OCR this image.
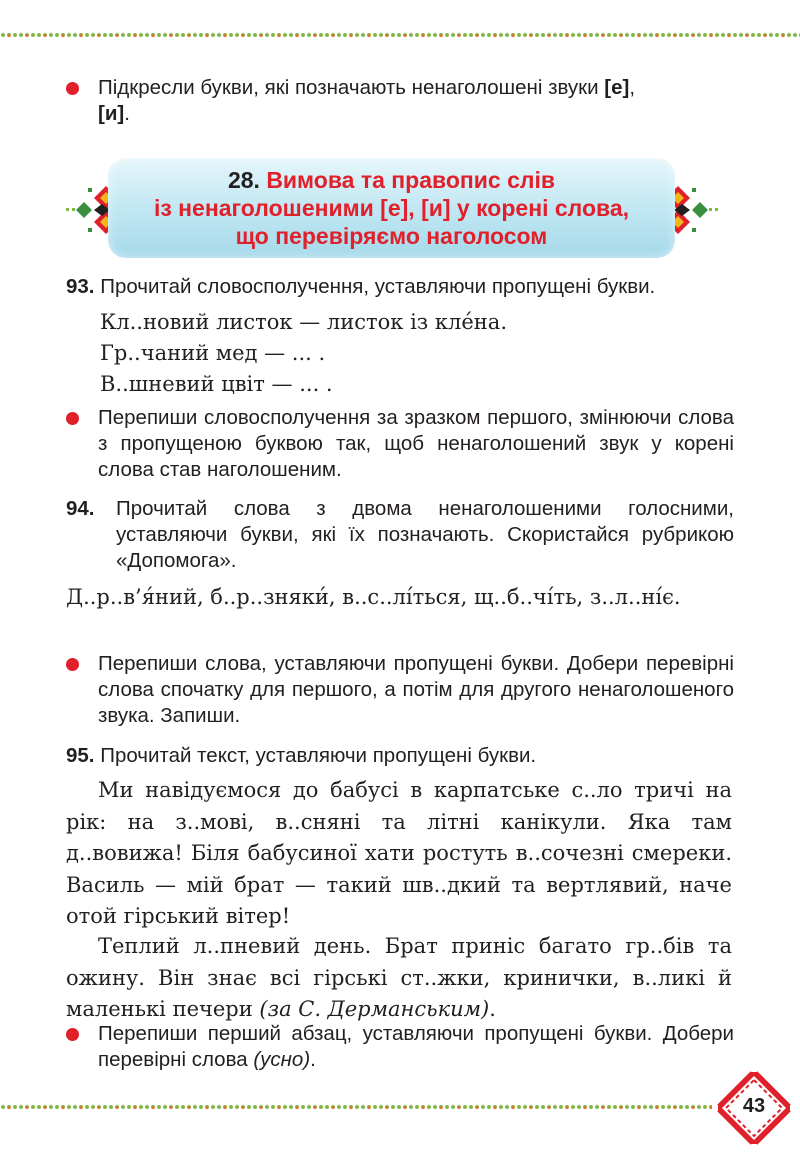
Підкресли букви, які позначають ненаголошені звуки [е],
[и].
28. Вимова та правопис слів
із ненаголошеними [е], [и] у корені слова,
що перевіряємо наголосом
93. Прочитай словосполучення, уставляючи пропущені букви.
Кл..новий листок — листок із кле́на.
Гр..чаний мед — ... .
В..шневий цвіт — ... .
Перепиши словосполучення за зразком першого, змінюючи слова з пропущеною буквою так, щоб ненаголошений звук у корені слова став наголошеним.
94. Прочитай слова з двома ненаголошеними голосними, уставляючи букви, які їх позначають. Скористайся рубрикою «Допомога».
Д..р..в’я́ний, б..р..зняки́, в..с..лі́ться, щ..б..чі́ть, з..л..ні́є.
Перепиши слова, уставляючи пропущені букви. Добери перевірні слова спочатку для першого, а потім для другого ненаголошеного звука. Запиши.
95. Прочитай текст, уставляючи пропущені букви.
Ми навідуємося до бабусі в карпатське с..ло тричі на рік: на з..мові, в..сняні та літні канікули. Яка там д..вовижа! Біля бабусиної хати ростуть в..сочезні смереки. Василь — мій брат — такий шв..дкий та вертлявий, наче отой гірський вітер!
Теплий л..пневий день. Брат приніс багато гр..бів та ожину. Він знає всі гірські ст..жки, кринички, в..ликі й маленькі печери (за С. Дерманським).
Перепиши перший абзац, уставляючи пропущені букви. Добери перевірні слова (усно).
43
